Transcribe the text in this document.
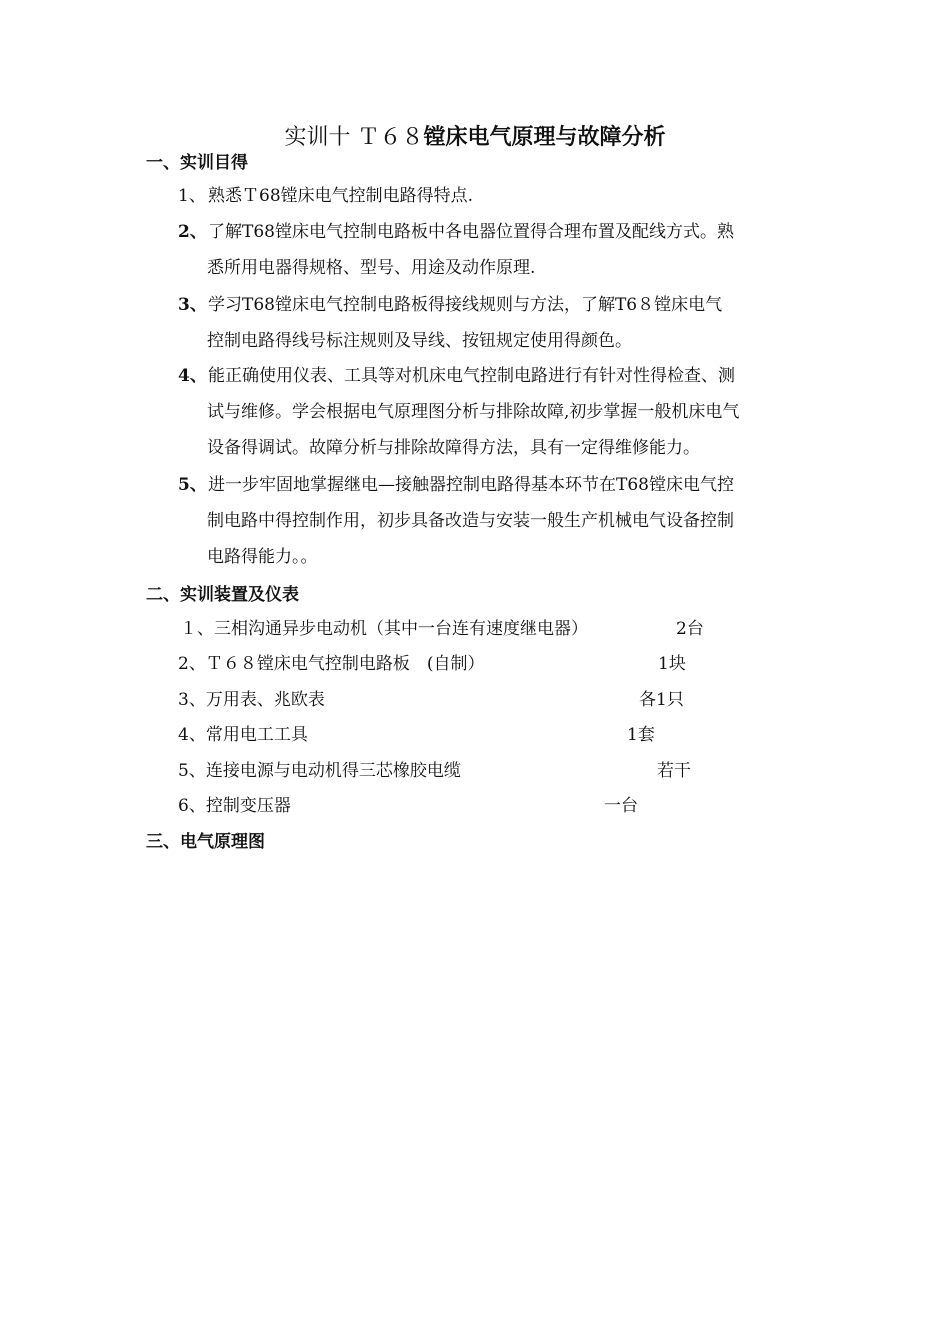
实训十 Ｔ６８镗床电气原理与故障分析
一、实训目得
1、 熟悉Ｔ68镗床电气控制电路得特点.
2、了解T68镗床电气控制电路板中各电器位置得合理布置及配线方式。熟
悉所用电器得规格、型号、用途及动作原理.
3、学习T68镗床电气控制电路板得接线规则与方法，了解T6８镗床电气
控制电路得线号标注规则及导线、按钮规定使用得颜色。
4、能正确使用仪表、工具等对机床电气控制电路进行有针对性得检查、测
试与维修。学会根据电气原理图分析与排除故障,初步掌握一般机床电气
设备得调试。故障分析与排除故障得方法，具有一定得维修能力。
5、进一步牢固地掌握继电—接触器控制电路得基本环节在T68镗床电气控
制电路中得控制作用，初步具备改造与安装一般生产机械电气设备控制
电路得能力。。
二、实训装置及仪表
１、三相沟通异步电动机（其中一台连有速度继电器）	2台
2、Ｔ６８镗床电气控制电路板　(自制）	1块
3、万用表、兆欧表	各1只
4、常用电工工具	1套
5、连接电源与电动机得三芯橡胶电缆	若干
6、控制变压器	一台
三、电气原理图
